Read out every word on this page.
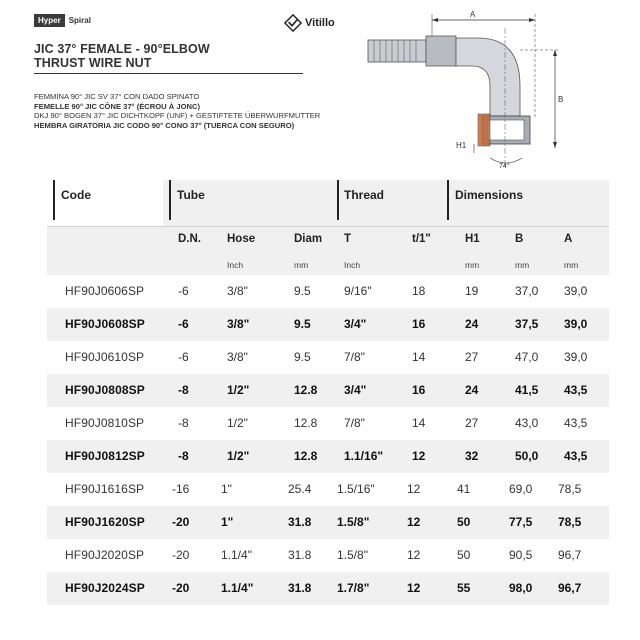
Hyper	Spiral	Vitillo
JIC 37° FEMALE - 90°ELBOW
THRUST WIRE NUT
FEMMINA 90° JIC SV 37° CON DADO SPINATO
FEMELLE 90° JIC CÔNE 37° (ÉCROU À JONC)
DKJ 90° BOGEN 37° JIC DICHTKOPF (UNF) + GESTIFTETE ÜBERWURFMUTTER
HEMBRA GIRATORIA JIC CODO 90° CONO 37° (TUERCA CON SEGURO)
A
B
H1
74°
Code	Tube	Thread	Dimensions
D.N. Hose	Diam T	t/1"	H1	B	A
Inch	mm	Inch	mm	mm	mm
HF90J0606SP	-6	3/8"	9.5	9/16"	18	19	37,0 39,0
HF90J0608SP	-6	3/8"	9.5	3/4"	16	24	37,5 39,0
HF90J0610SP	-6	3/8"	9.5	7/8"	14	27	47,0 39,0
HF90J0808SP	-8	1/2"	12.8 3/4"	16	24	41,5 43,5
HF90J0810SP	-8	1/2"	12.8 7/8"	14	27	43,0 43,5
HF90J0812SP	-8	1/2"	12.8 1.1/16" 12	32	50,0 43,5
HF90J1616SP -16	1"	25.4 1.5/16"	12	41	69,0 78,5
HF90J1620SP -20	1"	31.8 1.5/8"	12	50	77,5 78,5
HF90J2020SP -20	1.1/4"	31.8 1.5/8"	12	50	90,5 96,7
HF90J2024SP -20	1.1/4"	31.8 1.7/8"	12	55	98,0 96,7
